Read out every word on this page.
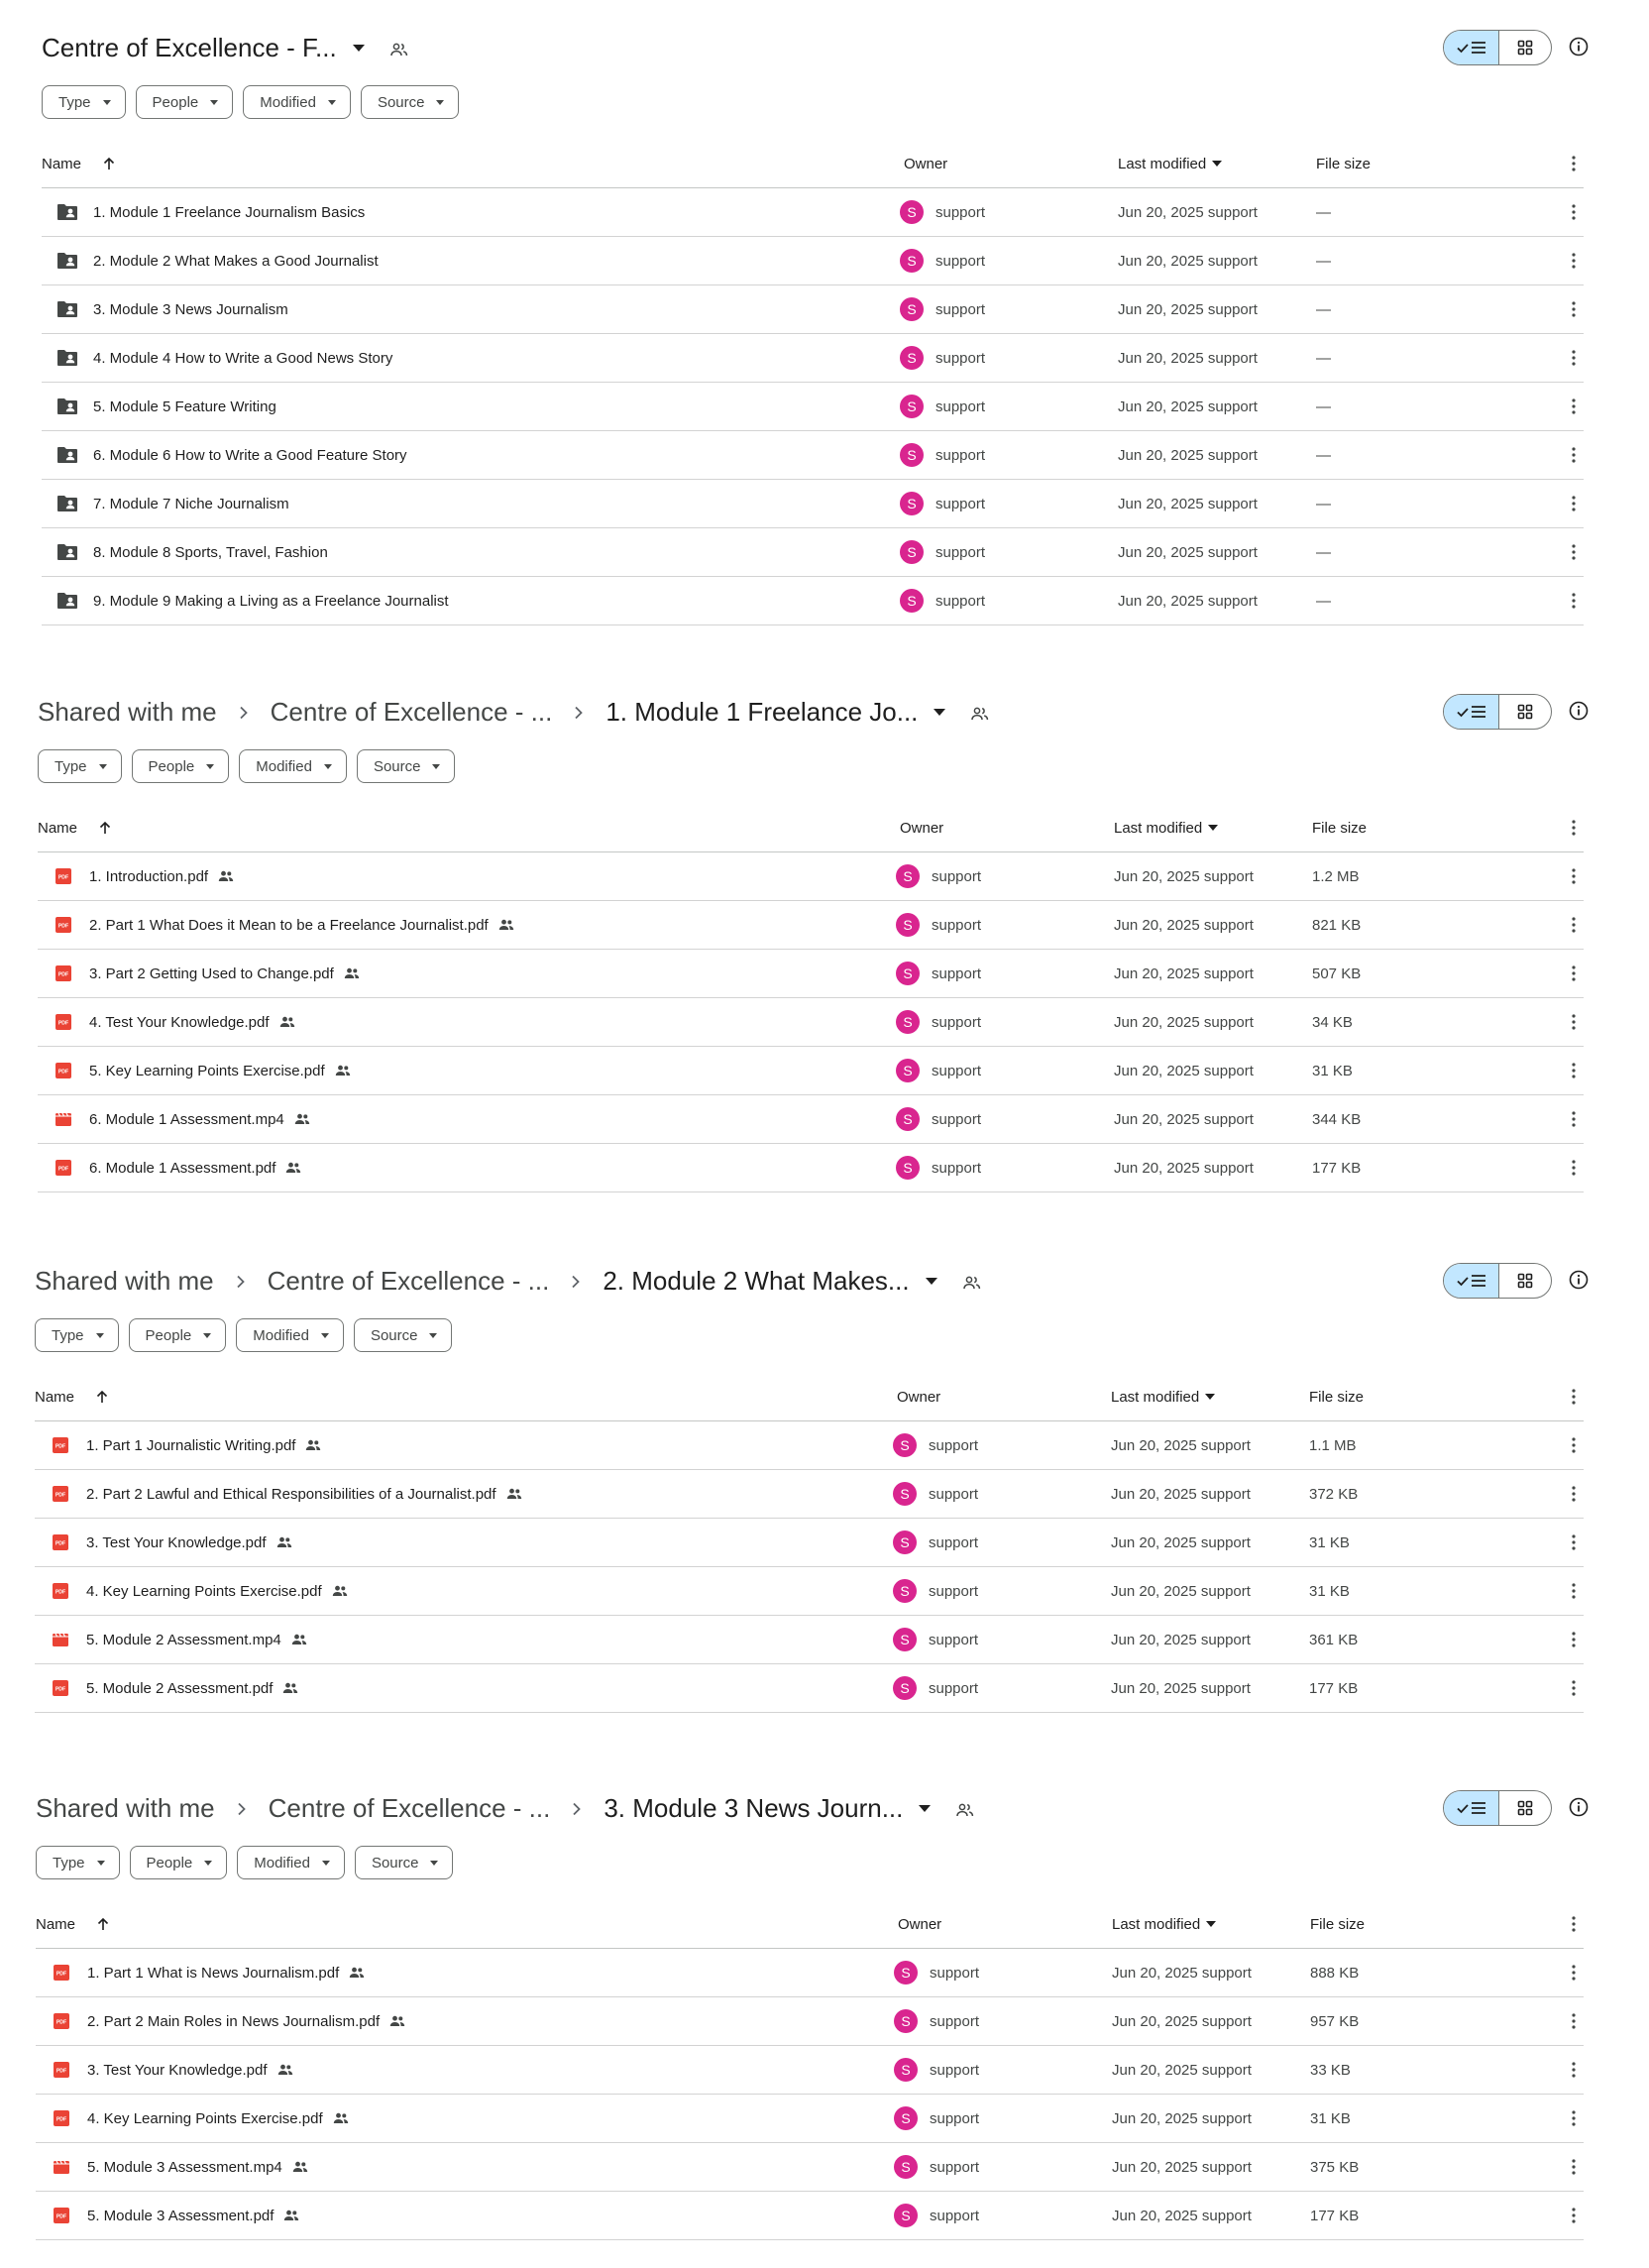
Centre of Excellence - F...
Type	People	Modified	Source
Name	Owner	Last modified	File size
1. Module 1 Freelance Journalism Basics	S	support	Jun 20, 2025 support	—
2. Module 2 What Makes a Good Journalist	S	support	Jun 20, 2025 support	—
3. Module 3 News Journalism	S	support	Jun 20, 2025 support	—
4. Module 4 How to Write a Good News Story	S	support	Jun 20, 2025 support	—
5. Module 5 Feature Writing	S	support	Jun 20, 2025 support	—
6. Module 6 How to Write a Good Feature Story	S	support	Jun 20, 2025 support	—
7. Module 7 Niche Journalism	S	support	Jun 20, 2025 support	—
8. Module 8 Sports, Travel, Fashion	S	support	Jun 20, 2025 support	—
9. Module 9 Making a Living as a Freelance Journalist	S	support	Jun 20, 2025 support	—
Shared with me Centre of Excellence - ... 1. Module 1 Freelance Jo...
Type	People	Modified	Source
Name	Owner	Last modified	File size
PDF 1. Introduction.pdf	S	support	Jun 20, 2025 support	1.2 MB
PDF 2. Part 1 What Does it Mean to be a Freelance Journalist.pdf	S	support	Jun 20, 2025 support	821 KB
PDF 3. Part 2 Getting Used to Change.pdf	S	support	Jun 20, 2025 support	507 KB
PDF 4. Test Your Knowledge.pdf	S	support	Jun 20, 2025 support	34 KB
PDF 5. Key Learning Points Exercise.pdf	S	support	Jun 20, 2025 support	31 KB
6. Module 1 Assessment.mp4	S	support	Jun 20, 2025 support	344 KB
PDF 6. Module 1 Assessment.pdf	S	support	Jun 20, 2025 support	177 KB
Shared with me Centre of Excellence - ... 2. Module 2 What Makes...
Type	People	Modified	Source
Name	Owner	Last modified	File size
PDF 1. Part 1 Journalistic Writing.pdf	S	support	Jun 20, 2025 support	1.1 MB
PDF 2. Part 2 Lawful and Ethical Responsibilities of a Journalist.pdf	S	support	Jun 20, 2025 support	372 KB
PDF 3. Test Your Knowledge.pdf	S	support	Jun 20, 2025 support	31 KB
PDF 4. Key Learning Points Exercise.pdf	S	support	Jun 20, 2025 support	31 KB
5. Module 2 Assessment.mp4	S	support	Jun 20, 2025 support	361 KB
PDF 5. Module 2 Assessment.pdf	S	support	Jun 20, 2025 support	177 KB
Shared with me Centre of Excellence - ... 3. Module 3 News Journ...
Type	People	Modified	Source
Name	Owner	Last modified	File size
PDF 1. Part 1 What is News Journalism.pdf	S	support	Jun 20, 2025 support	888 KB
PDF 2. Part 2 Main Roles in News Journalism.pdf	S	support	Jun 20, 2025 support	957 KB
PDF 3. Test Your Knowledge.pdf	S	support	Jun 20, 2025 support	33 KB
PDF 4. Key Learning Points Exercise.pdf	S	support	Jun 20, 2025 support	31 KB
5. Module 3 Assessment.mp4	S	support	Jun 20, 2025 support	375 KB
PDF 5. Module 3 Assessment.pdf	S	support	Jun 20, 2025 support	177 KB
